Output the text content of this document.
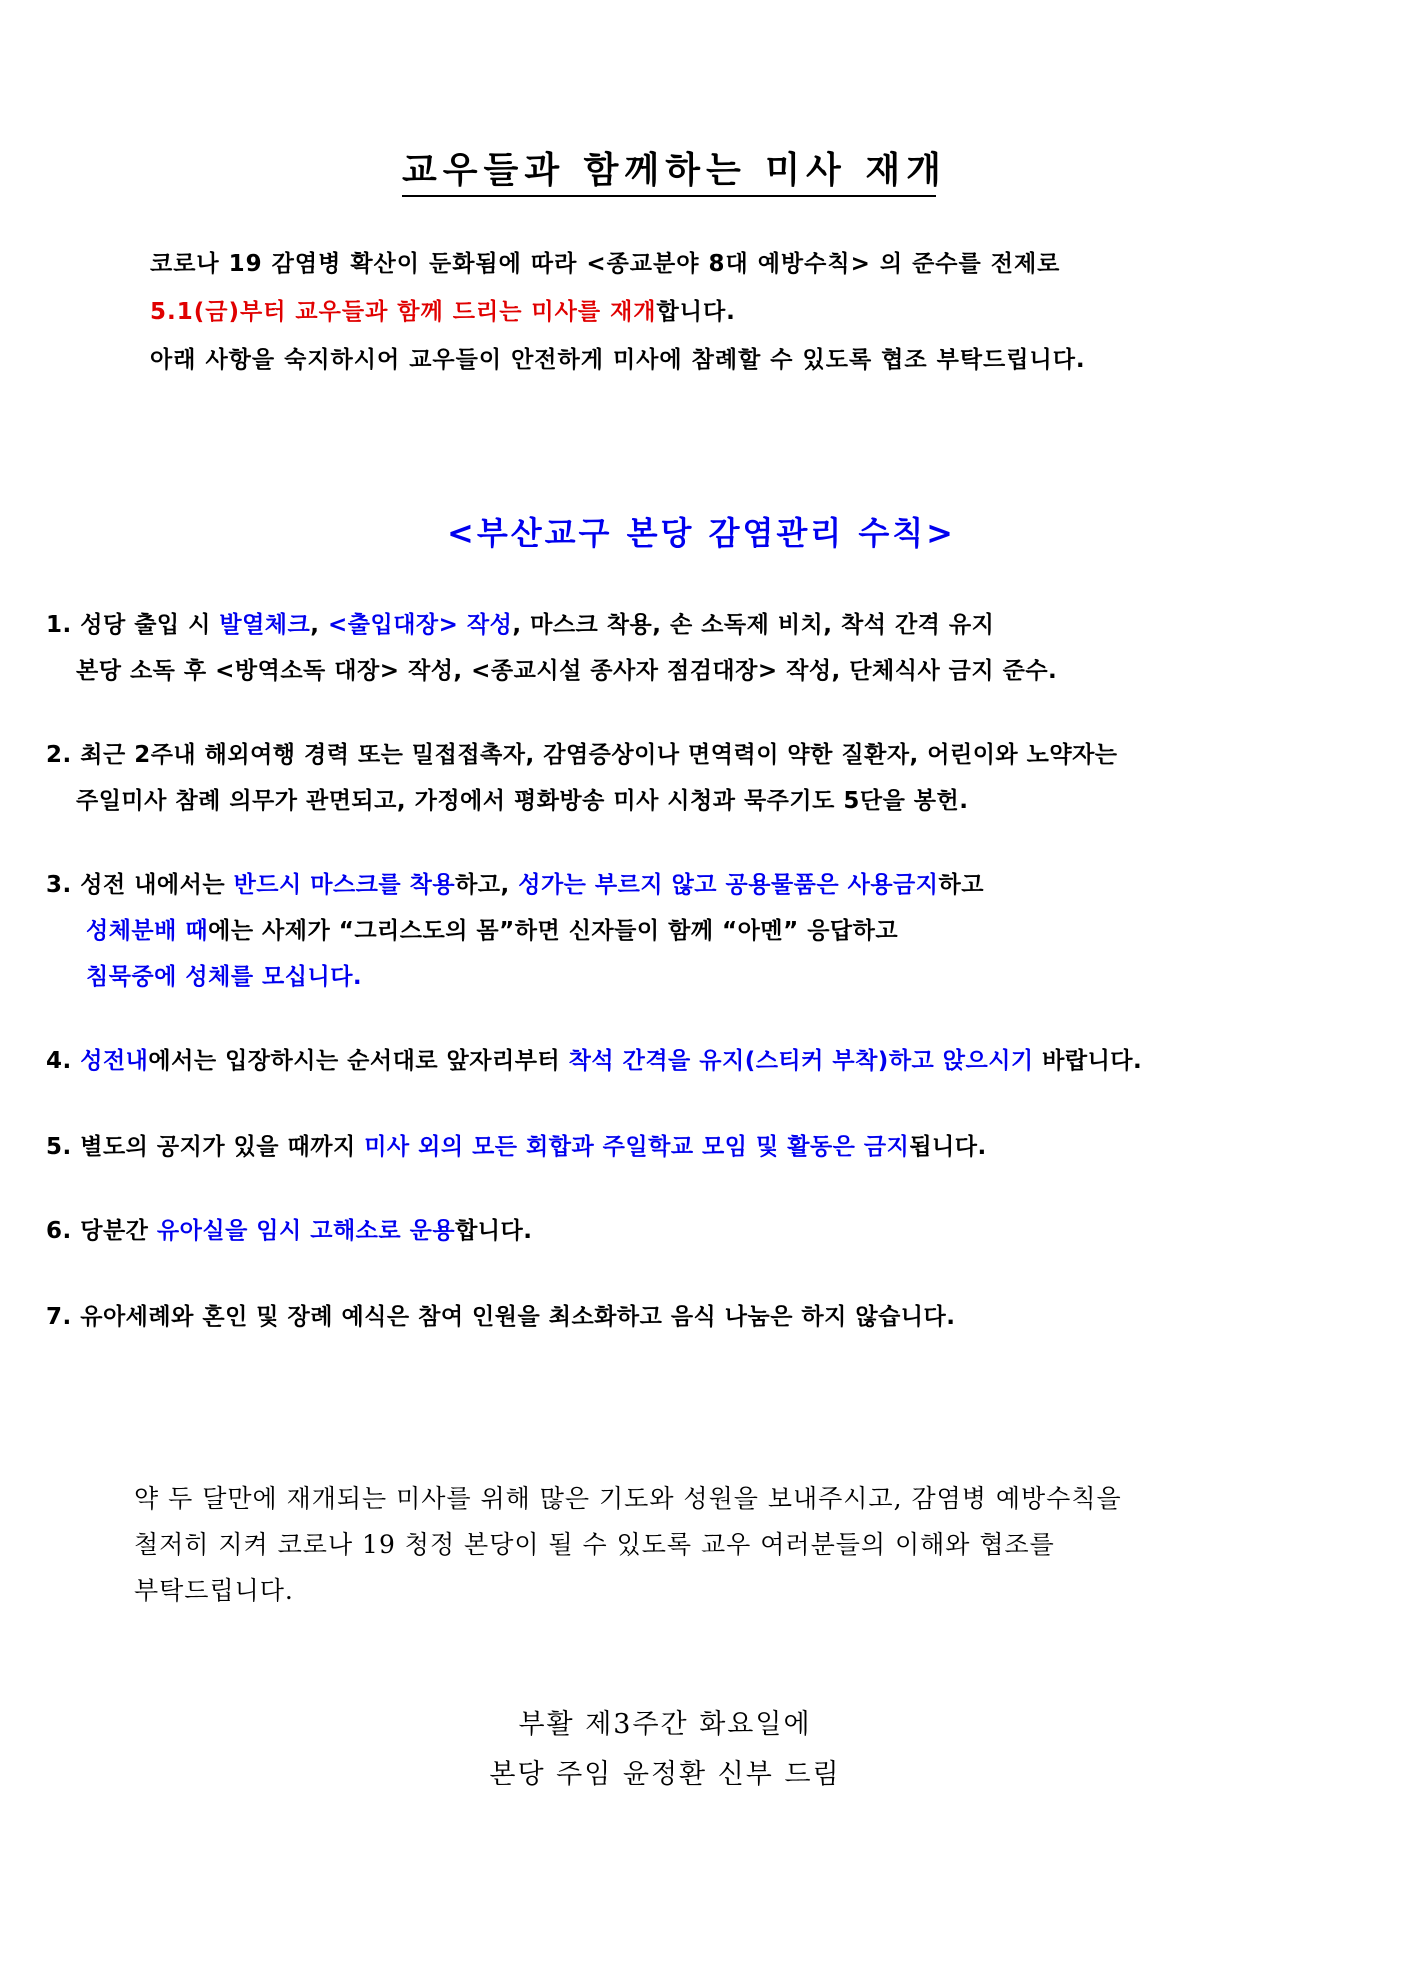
교우들과 함께하는 미사 재개
코로나 19 감염병 확산이 둔화됨에 따라 <종교분야 8대 예방수칙> 의 준수를 전제로
5.1(금)부터 교우들과 함께 드리는 미사를 재개합니다.
아래 사항을 숙지하시어 교우들이 안전하게 미사에 참례할 수 있도록 협조 부탁드립니다.
<부산교구 본당 감염관리 수칙>
1. 성당 출입 시 발열체크, <출입대장> 작성, 마스크 착용, 손 소독제 비치, 착석 간격 유지
본당 소독 후 <방역소독 대장> 작성, <종교시설 종사자 점검대장> 작성, 단체식사 금지 준수.
2. 최근 2주내 해외여행 경력 또는 밀접접촉자, 감염증상이나 면역력이 약한 질환자, 어린이와 노약자는
주일미사 참례 의무가 관면되고, 가정에서 평화방송 미사 시청과 묵주기도 5단을 봉헌.
3. 성전 내에서는 반드시 마스크를 착용하고, 성가는 부르지 않고 공용물품은 사용금지하고
성체분배 때에는 사제가 “그리스도의 몸”하면 신자들이 함께 “아멘” 응답하고
침묵중에 성체를 모십니다.
4. 성전내에서는 입장하시는 순서대로 앞자리부터 착석 간격을 유지(스티커 부착)하고 앉으시기 바랍니다.
5. 별도의 공지가 있을 때까지 미사 외의 모든 회합과 주일학교 모임 및 활동은 금지됩니다.
6. 당분간 유아실을 임시 고해소로 운용합니다.
7. 유아세례와 혼인 및 장례 예식은 참여 인원을 최소화하고 음식 나눔은 하지 않습니다.
약 두 달만에 재개되는 미사를 위해 많은 기도와 성원을 보내주시고, 감염병 예방수칙을
철저히 지켜 코로나 19 청정 본당이 될 수 있도록 교우 여러분들의 이해와 협조를
부탁드립니다.
부활 제3주간 화요일에
본당 주임 윤정환 신부 드림
